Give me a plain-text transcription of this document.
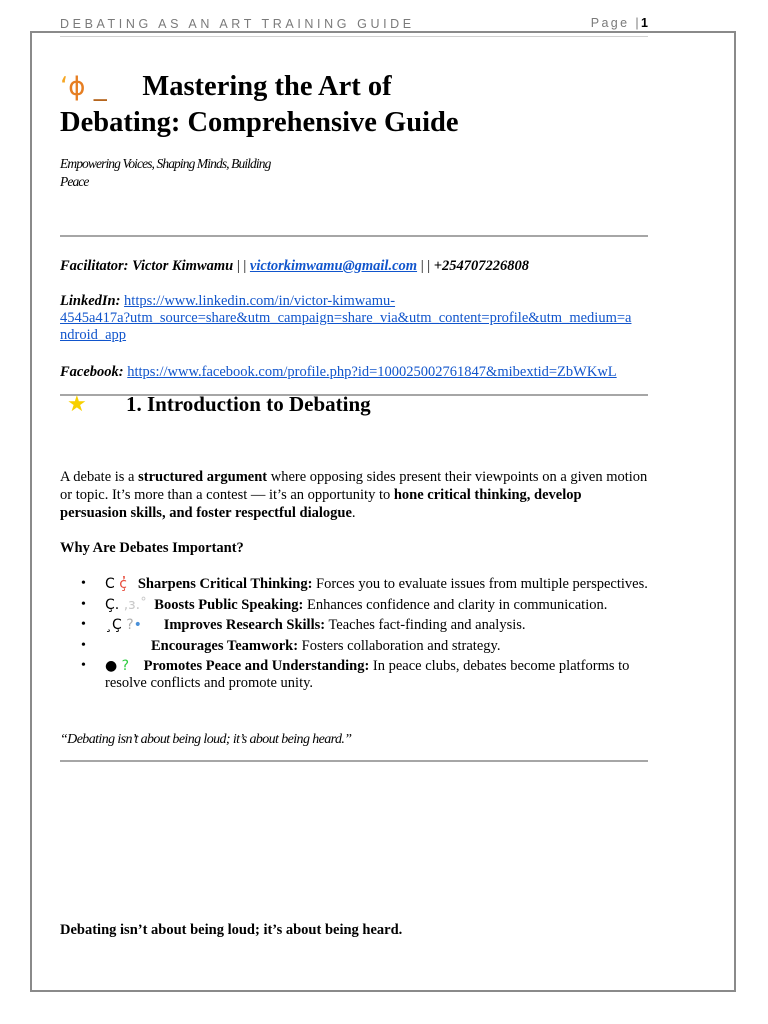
DEBATING AS AN ART TRAINING GUIDE	Page |1
ʻɸ _ Mastering the Art of
Debating: Comprehensive Guide
Empowering Voices, Shaping Minds, Building
Peace
Facilitator: Victor Kimwamu | | victorkimwamu@gmail.com | | +254707226808
LinkedIn: https://www.linkedin.com/in/victor-kimwamu-
4545a417a?utm_source=share&utm_campaign=share_via&utm_content=profile&utm_medium=a
ndroid_app
Facebook: https://www.facebook.com/profile.php?id=100025002761847&mibextid=ZbWKwL
★ 1. Introduction to Debating
A debate is a structured argument where opposing sides present their viewpoints on a given motion or topic. It’s more than a contest — it’s an opportunity to hone critical thinking, develop persuasion skills, and foster respectful dialogue.
Why Are Debates Important?
• C ç̓ Sharpens Critical Thinking: Forces you to evaluate issues from multiple perspectives.
• Ç. ,ɜ.˚ Boosts Public Speaking: Enhances confidence and clarity in communication.
• ¸Ç ?• Improves Research Skills: Teaches fact-finding and analysis.
•	Encourages Teamwork: Fosters collaboration and strategy.
• ● ? Promotes Peace and Understanding: In peace clubs, debates become platforms to resolve conflicts and promote unity.
“Debating isn’t about being loud; it’s about being heard.”
Debating isn’t about being loud; it’s about being heard.
